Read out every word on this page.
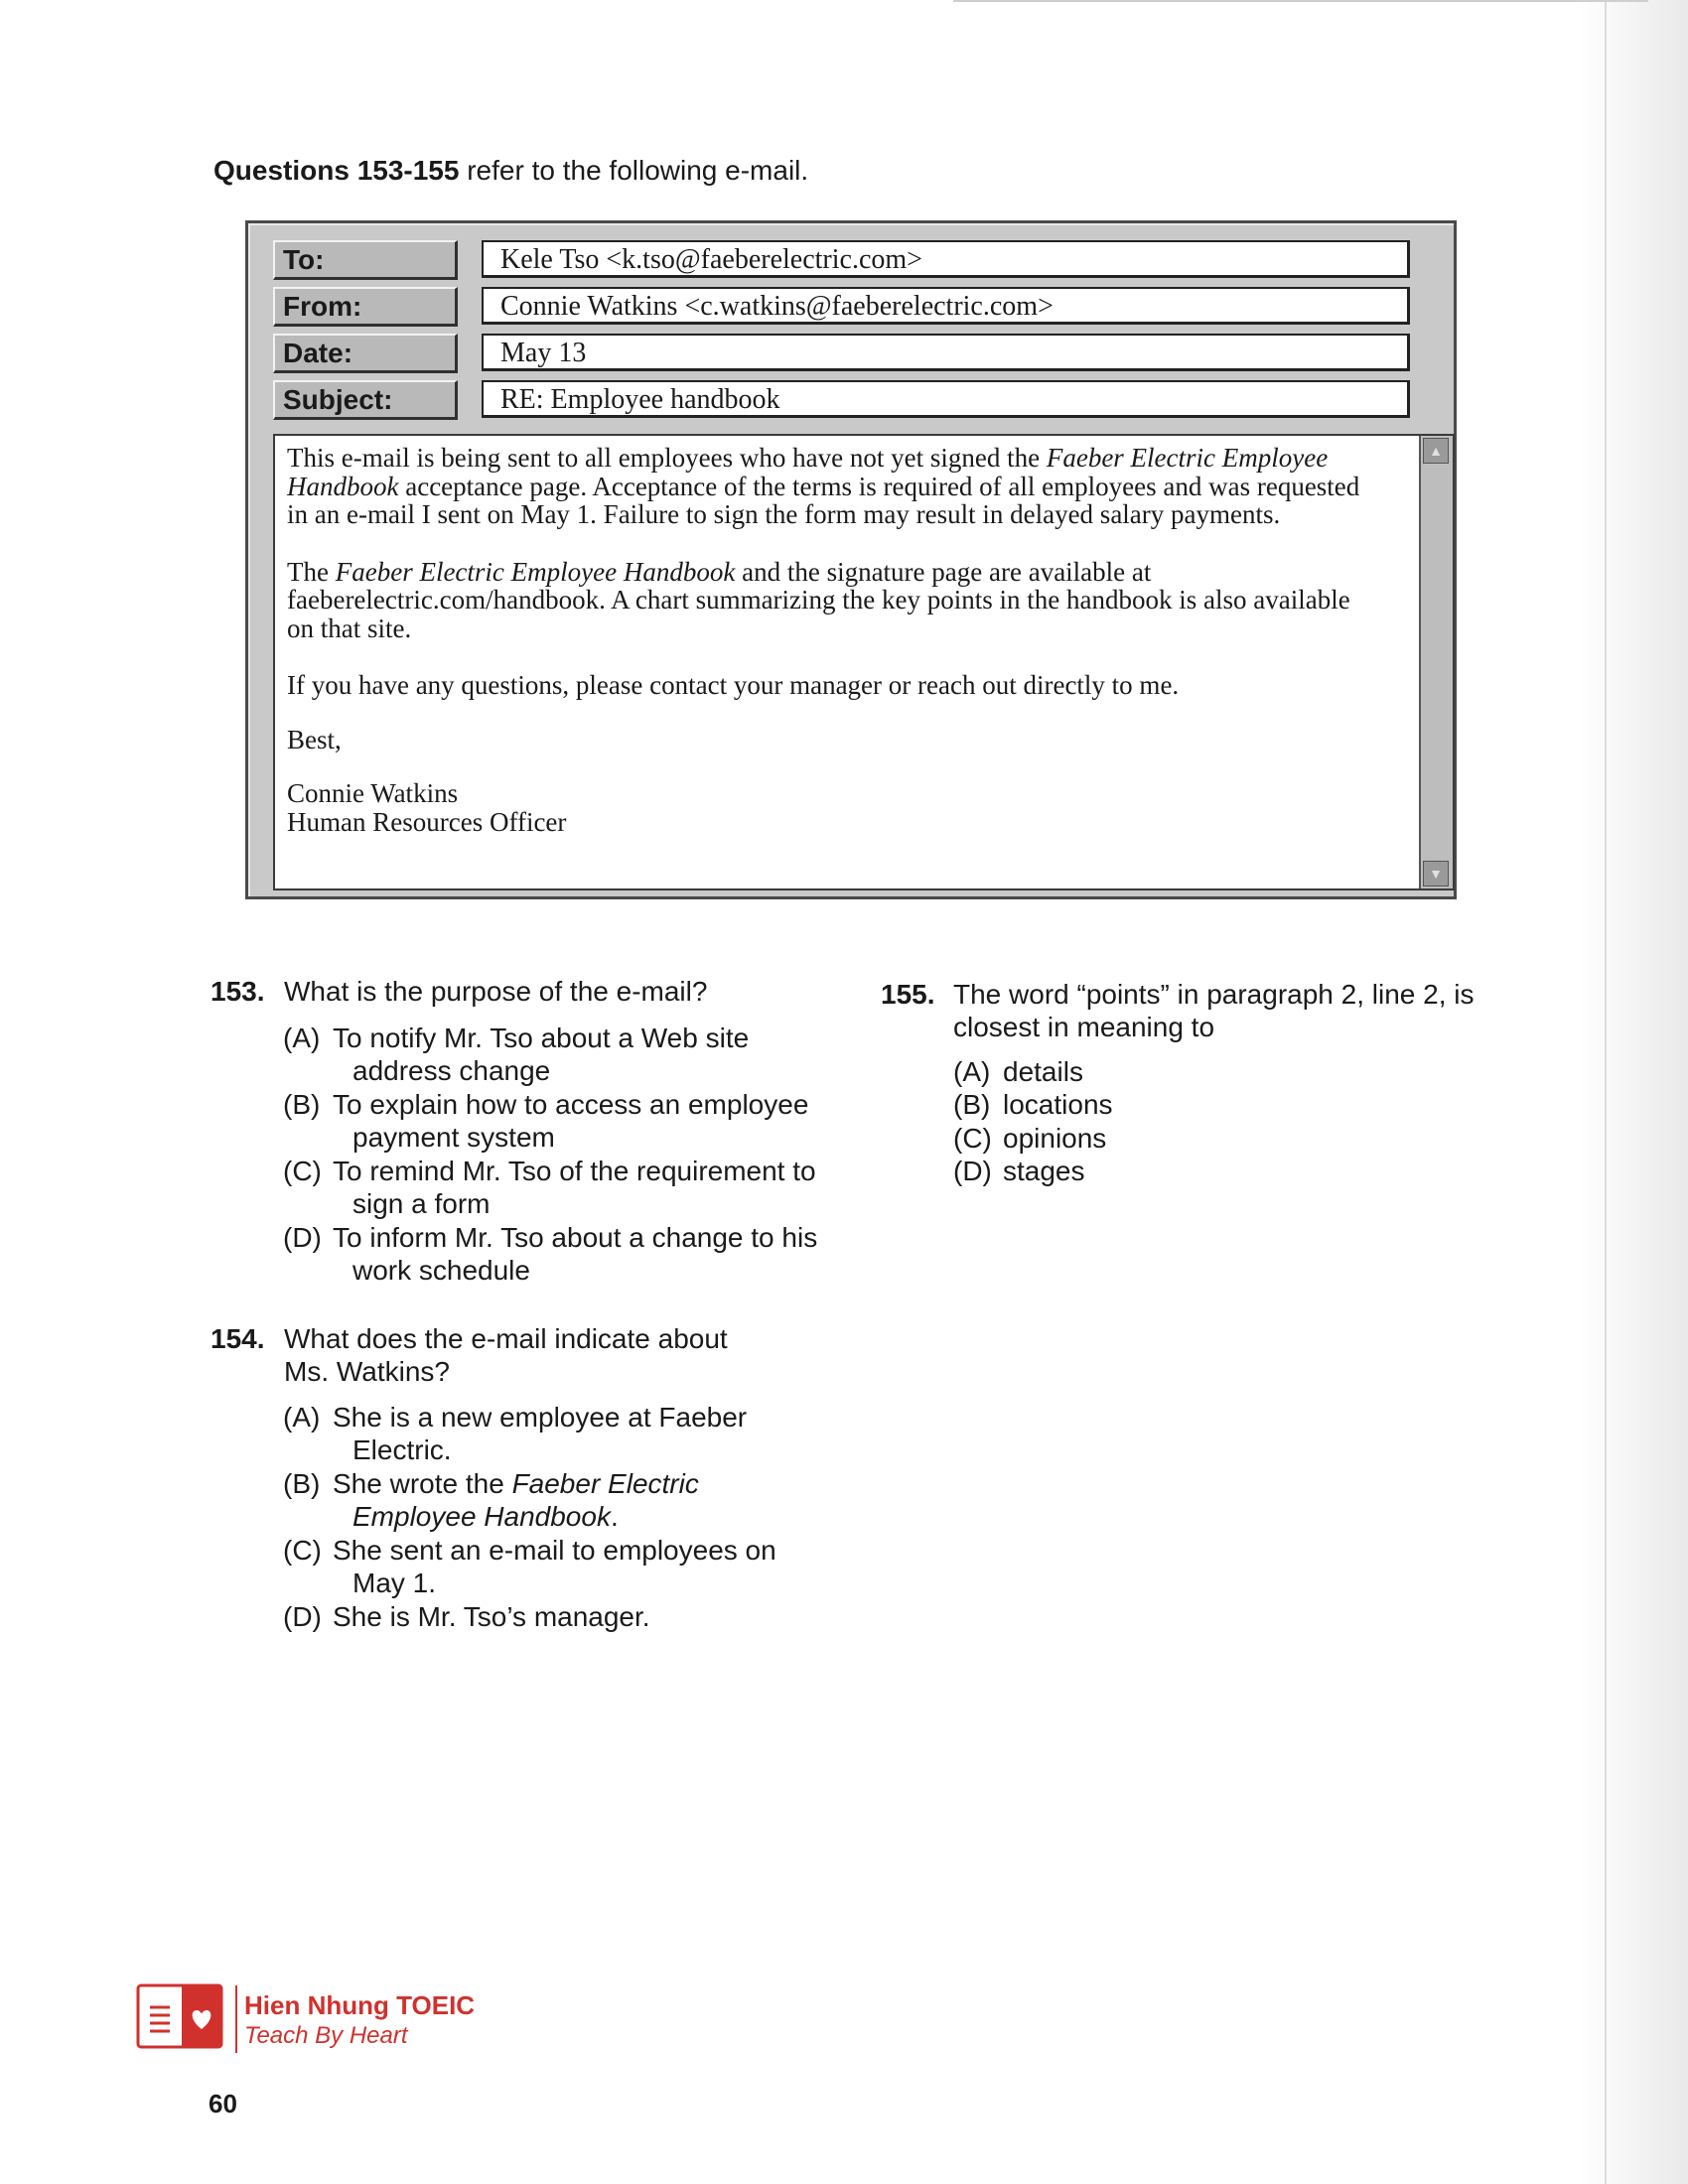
Questions 153-155 refer to the following e-mail.
To:	Kele Tso <k.tso@faeberelectric.com>
From:	Connie Watkins <c.watkins@faeberelectric.com>
Date:	May 13
Subject:	RE: Employee handbook

This e-mail is being sent to all employees who have not yet signed the Faeber Electric Employee Handbook acceptance page. Acceptance of the terms is required of all employees and was requested in an e-mail I sent on May 1. Failure to sign the form may result in delayed salary payments.

The Faeber Electric Employee Handbook and the signature page are available at faeberelectric.com/handbook. A chart summarizing the key points in the handbook is also available on that site.

If you have any questions, please contact your manager or reach out directly to me.

Best,

Connie Watkins
Human Resources Officer

▲
▼
153. What is the purpose of the e-mail?
(A) To notify Mr. Tso about a Web site
address change
(B) To explain how to access an employee
payment system
(C) To remind Mr. Tso of the requirement to
sign a form
(D) To inform Mr. Tso about a change to his
work schedule
154. What does the e-mail indicate about
Ms. Watkins?
(A) She is a new employee at Faeber
Electric.
(B) She wrote the Faeber Electric
Employee Handbook.
(C) She sent an e-mail to employees on
May 1.
(D) She is Mr. Tso’s manager.
155. The word “points” in paragraph 2, line 2, is
closest in meaning to
(A) details
(B) locations
(C) opinions
(D) stages
Hien Nhung TOEIC
Teach By Heart
60
